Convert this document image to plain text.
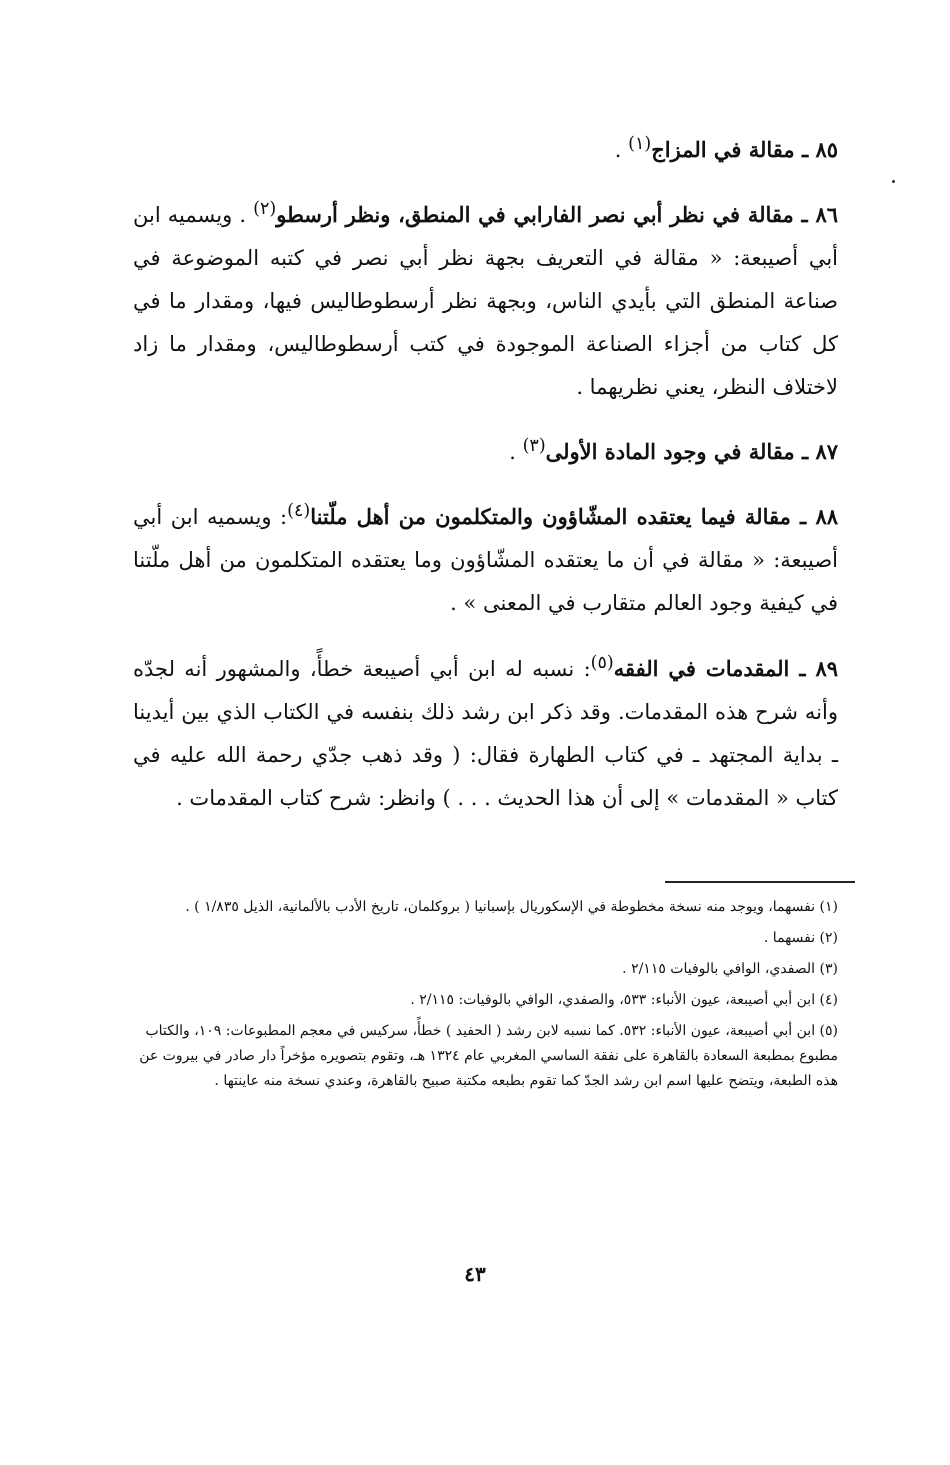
٨٥ ـ مقالة في المزاج$^{(١)}$ .

٨٦ ـ مقالة في نظر أبي نصر الفارابي في المنطق، ونظر أرسطو$^{(٢)}$ . ويسميه ابن أبي أصيبعة: « مقالة في التعريف بجهة نظر أبي نصر في كتبه الموضوعة في صناعة المنطق التي بأيدي الناس، وبجهة نظر أرسطوطاليس فيها، ومقدار ما في كل كتاب من أجزاء الصناعة الموجودة في كتب أرسطوطاليس، ومقدار ما زاد لاختلاف النظر، يعني نظريهما .

٨٧ ـ مقالة في وجود المادة الأولى$^{(٣)}$ .

٨٨ ـ مقالة فيما يعتقده المشّاؤون والمتكلمون من أهل ملّتنا$^{(٤)}$: ويسميه ابن أبي أصيبعة: « مقالة في أن ما يعتقده المشّاؤون وما يعتقده المتكلمون من أهل ملّتنا في كيفية وجود العالم متقارب في المعنى » .

٨٩ ـ المقدمات في الفقه$^{(٥)}$: نسبه له ابن أبي أصيبعة خطأً، والمشهور أنه لجدّه وأنه شرح هذه المقدمات. وقد ذكر ابن رشد ذلك بنفسه في الكتاب الذي بين أيدينا ـ بداية المجتهد ـ في كتاب الطهارة فقال: ( وقد ذهب جدّي رحمة الله عليه في كتاب « المقدمات » إلى أن هذا الحديث . . . ) وانظر: شرح كتاب المقدمات .

(١) نفسهما، ويوجد منه نسخة مخطوطة في الإسكوريال بإسبانيا ( بروكلمان، تاريخ الأدب بالألمانية، الذيل ١/٨٣٥ ) .

(٢) نفسهما .

(٣) الصفدي، الوافي بالوفيات ٢/١١٥ .

(٤) ابن أبي أصيبعة، عيون الأنباء: ٥٣٣، والصفدي، الوافي بالوفيات: ٢/١١٥ .

(٥) ابن أبي أصيبعة، عيون الأنباء: ٥٣٢. كما نسبه لابن رشد ( الحفيد ) خطأً، سركيس في معجم المطبوعات: ١٠٩، والكتاب مطبوع بمطبعة السعادة بالقاهرة على نفقة الساسي المغربي عام ١٣٢٤ هـ، وتقوم بتصويره مؤخراً دار صادر في بيروت عن هذه الطبعة، ويتضح عليها اسم ابن رشد الجدّ كما تقوم بطبعه مكتبة صبيح بالقاهرة، وعندي نسخة منه عاينتها .

٤٣
